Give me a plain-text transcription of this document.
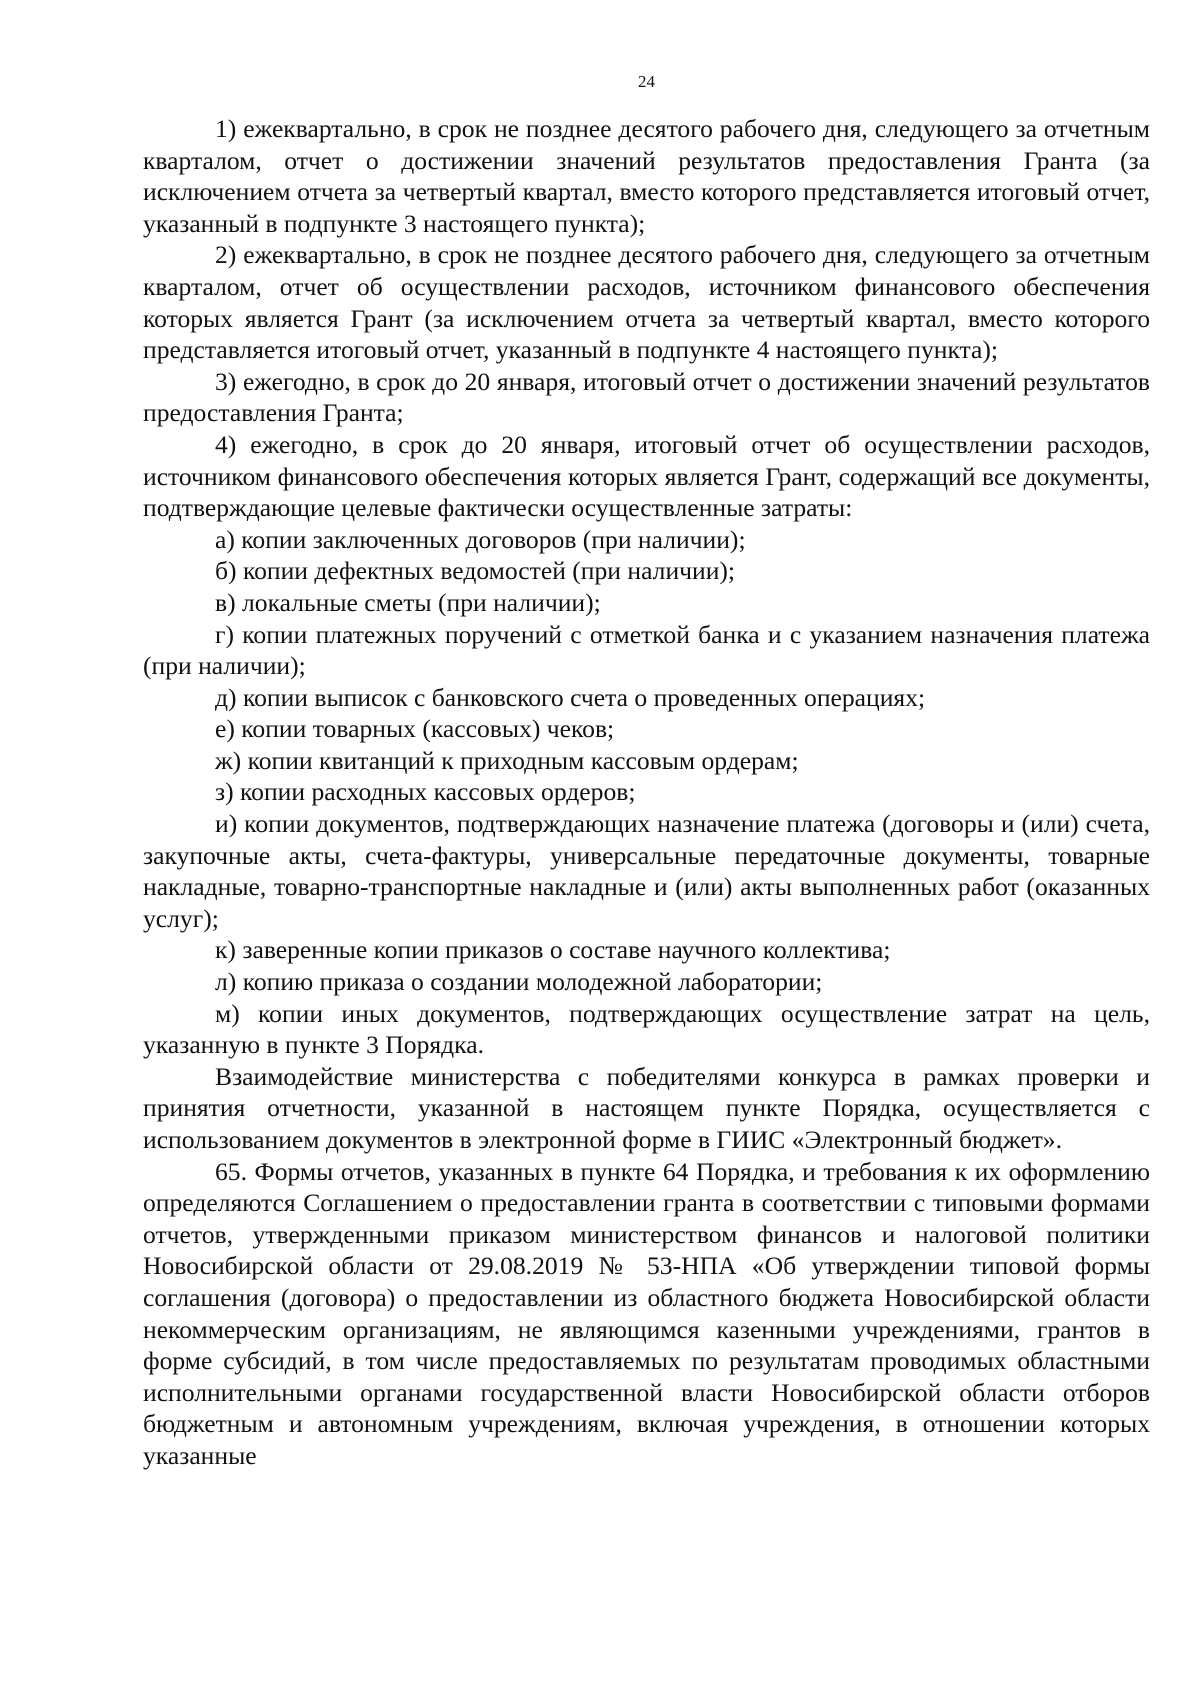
24

1) ежеквартально, в срок не позднее десятого рабочего дня, следующего за отчетным кварталом, отчет о достижении значений результатов предоставления Гранта (за исключением отчета за четвертый квартал, вместо которого представляется итоговый отчет, указанный в подпункте 3 настоящего пункта);

2) ежеквартально, в срок не позднее десятого рабочего дня, следующего за отчетным кварталом, отчет об осуществлении расходов, источником финансового обеспечения которых является Грант (за исключением отчета за четвертый квартал, вместо которого представляется итоговый отчет, указанный в подпункте 4 настоящего пункта);

3) ежегодно, в срок до 20 января, итоговый отчет о достижении значений результатов предоставления Гранта;

4) ежегодно, в срок до 20 января, итоговый отчет об осуществлении расходов, источником финансового обеспечения которых является Грант, содержащий все документы, подтверждающие целевые фактически осуществленные затраты:

а) копии заключенных договоров (при наличии);

б) копии дефектных ведомостей (при наличии);

в) локальные сметы (при наличии);

г) копии платежных поручений с отметкой банка и с указанием назначения платежа (при наличии);

д) копии выписок с банковского счета о проведенных операциях;

е) копии товарных (кассовых) чеков;

ж) копии квитанций к приходным кассовым ордерам;

з) копии расходных кассовых ордеров;

и) копии документов, подтверждающих назначение платежа (договоры и (или) счета, закупочные акты, счета-фактуры, универсальные передаточные документы, товарные накладные, товарно-транспортные накладные и (или) акты выполненных работ (оказанных услуг);

к) заверенные копии приказов о составе научного коллектива;

л) копию приказа о создании молодежной лаборатории;

м) копии иных документов, подтверждающих осуществление затрат на цель, указанную в пункте 3 Порядка.

Взаимодействие министерства с победителями конкурса в рамках проверки и принятия отчетности, указанной в настоящем пункте Порядка, осуществляется с использованием документов в электронной форме в ГИИС «Электронный бюджет».

65. Формы отчетов, указанных в пункте 64 Порядка, и требования к их оформлению определяются Соглашением о предоставлении гранта в соответствии с типовыми формами отчетов, утвержденными приказом министерством финансов и налоговой политики Новосибирской области от 29.08.2019 № 53-НПА «Об утверждении типовой формы соглашения (договора) о предоставлении из областного бюджета Новосибирской области некоммерческим организациям, не являющимся казенными учреждениями, грантов в форме субсидий, в том числе предоставляемых по результатам проводимых областными исполнительными органами государственной власти Новосибирской области отборов бюджетным и автономным учреждениям, включая учреждения, в отношении которых указанные
